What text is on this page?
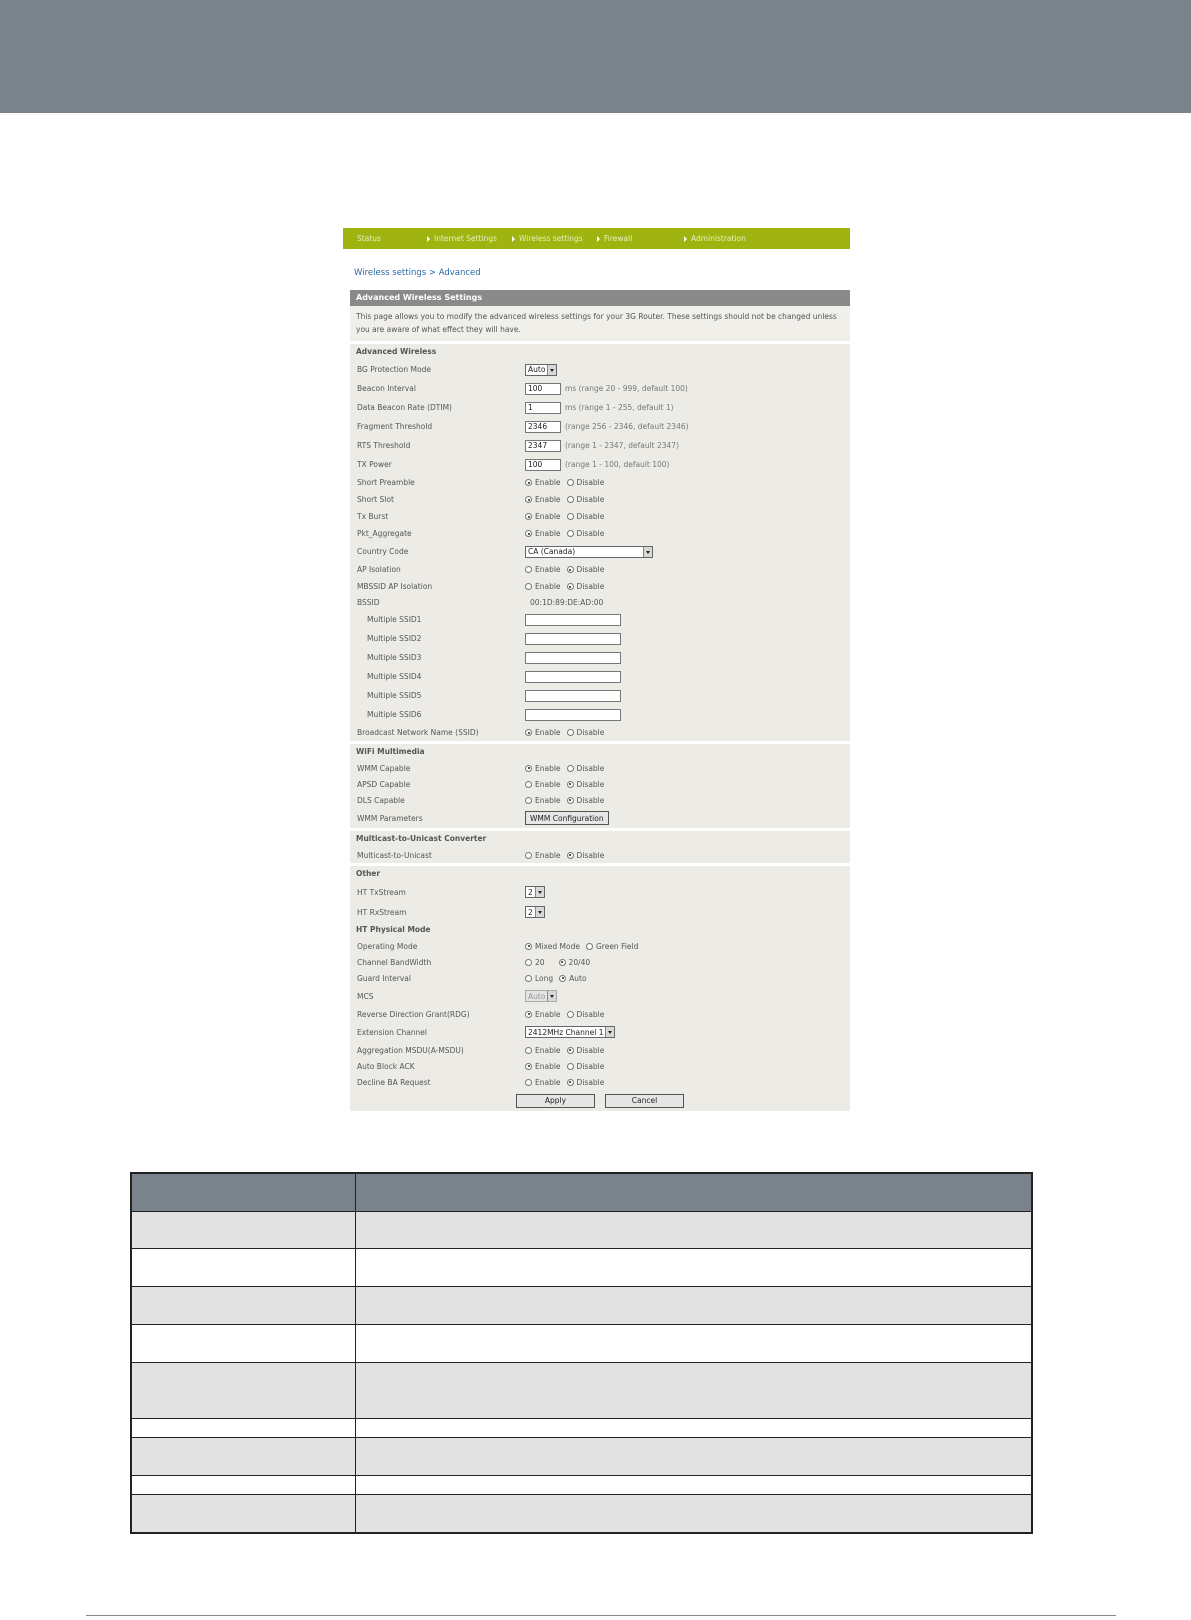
Status	Internet Settings	Wireless settings	Firewall	Administration
Wireless settings > Advanced
Advanced Wireless Settings
This page allows you to modify the advanced wireless settings for your 3G Router. These settings should not be changed unless you are aware of what effect they will have.
Advanced Wireless
BG Protection Mode	Auto
Beacon Interval	100	ms (range 20 - 999, default 100)
Data Beacon Rate (DTIM)	1	ms (range 1 - 255, default 1)
Fragment Threshold	2346	(range 256 - 2346, default 2346)
RTS Threshold	2347	(range 1 - 2347, default 2347)
TX Power	100	(range 1 - 100, default 100)
Short Preamble	Enable Disable
Short Slot	Enable Disable
Tx Burst	Enable Disable
Pkt_Aggregate	Enable Disable
Country Code	CA (Canada)
AP Isolation	Enable Disable
MBSSID AP Isolation	Enable Disable
BSSID	00:1D:89:DE:AD:00
Multiple SSID1
Multiple SSID2
Multiple SSID3
Multiple SSID4
Multiple SSID5
Multiple SSID6
Broadcast Network Name (SSID)	Enable Disable
WiFi Multimedia
WMM Capable	Enable Disable
APSD Capable	Enable Disable
DLS Capable	Enable Disable
WMM Parameters	WMM Configuration
Multicast-to-Unicast Converter
Multicast-to-Unicast	Enable Disable
Other
HT TxStream	2
HT RxStream	2
HT Physical Mode
Operating Mode	Mixed Mode Green Field
Channel BandWidth	20	20/40
Guard Interval	Long Auto
MCS	Auto
Reverse Direction Grant(RDG)	Enable Disable
Extension Channel	2412MHz Channel 1
Aggregation MSDU(A-MSDU)	Enable Disable
Auto Block ACK	Enable Disable
Decline BA Request	Enable Disable
Apply	Cancel
